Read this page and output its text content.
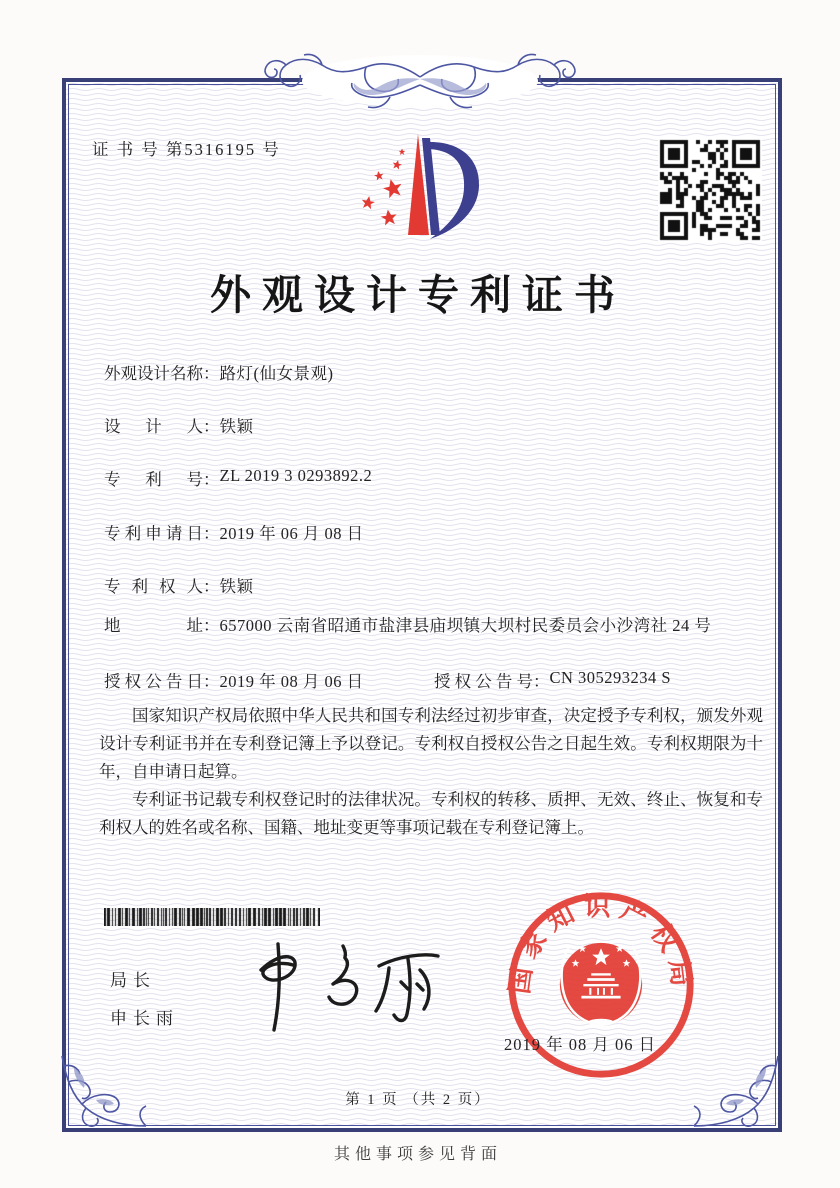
证 书 号 第5316195 号
外观设计专利证书
外观设计名称：路灯(仙女景观)
设计人：铁颖
专利号：ZL 2019 3 0293892.2
专利申请日：2019 年 06 月 08 日
专利权人：铁颖
地址：657000 云南省昭通市盐津县庙坝镇大坝村民委员会小沙湾社 24 号
授权公告日：2019 年 08 月 06 日	授权公告号：CN 305293234 S

国家知识产权局依照中华人民共和国专利法经过初步审查，决定授予专利权，颁发外观设计专利证书并在专利登记簿上予以登记。专利权自授权公告之日起生效。专利权期限为十年，自申请日起算。

专利证书记载专利权登记时的法律状况。专利权的转移、质押、无效、终止、恢复和专利权人的姓名或名称、国籍、地址变更等事项记载在专利登记簿上。

局长
申长雨
国家知识产权局
2019 年 08 月 06 日
第 1 页 （共 2 页）
其他事项参见背面
